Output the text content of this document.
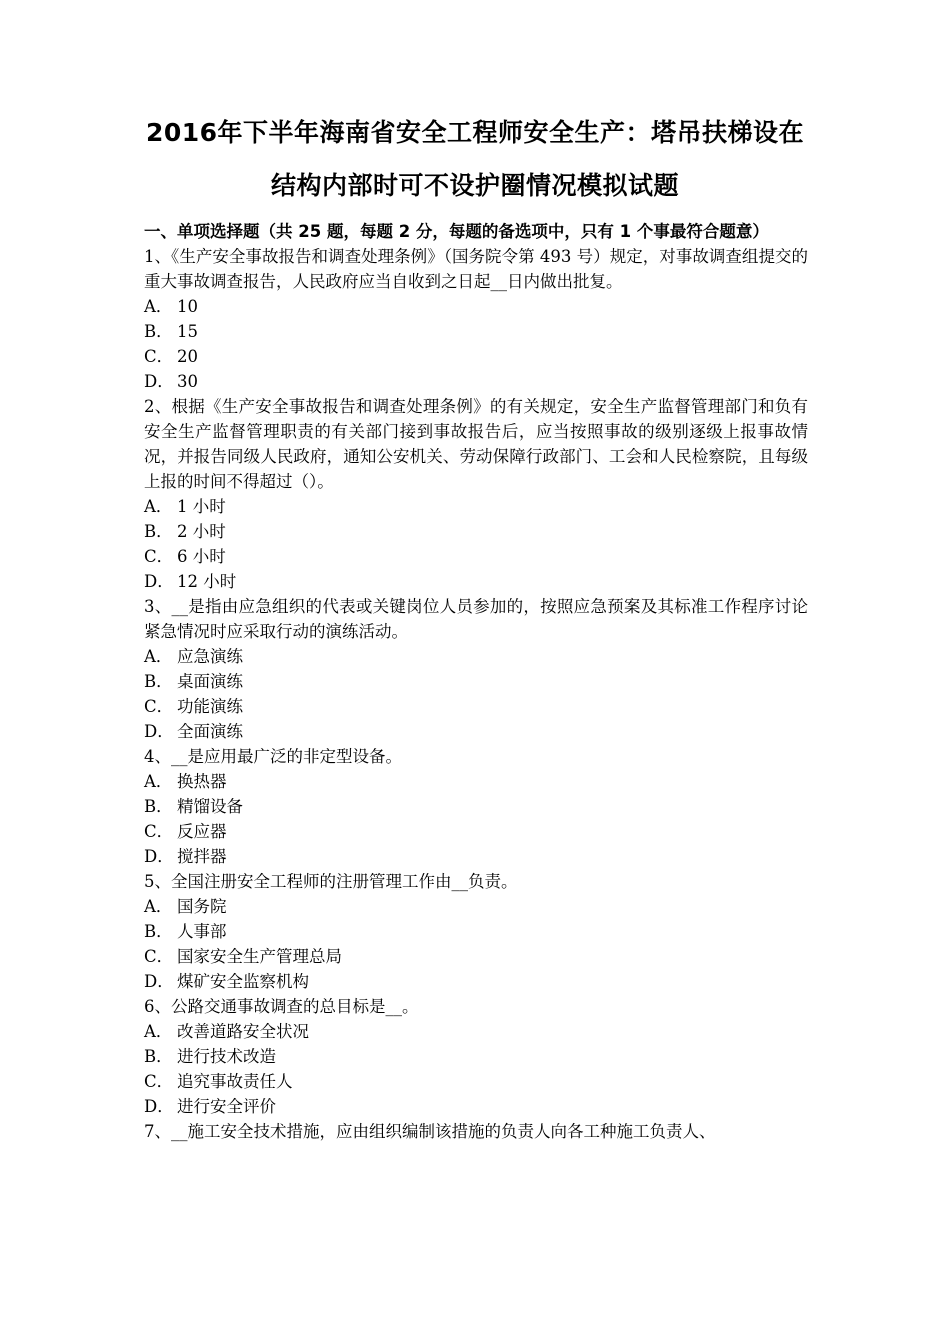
2016年下半年海南省安全工程师安全生产：塔吊扶梯设在
结构内部时可不设护圈情况模拟试题
一、单项选择题（共 25 题，每题 2 分，每题的备选项中，只有 1 个事最符合题意）
1、《生产安全事故报告和调查处理条例》（国务院令第 493 号）规定，对事故调查组提交的重大事故调查报告，人民政府应当自收到之日起__日内做出批复。
A． 10
B． 15
C． 20
D． 30
2、根据《生产安全事故报告和调查处理条例》的有关规定，安全生产监督管理部门和负有安全生产监督管理职责的有关部门接到事故报告后，应当按照事故的级别逐级上报事故情况，并报告同级人民政府，通知公安机关、劳动保障行政部门、工会和人民检察院，且每级上报的时间不得超过（）。
A． 1 小时
B． 2 小时
C． 6 小时
D． 12 小时
3、__是指由应急组织的代表或关键岗位人员参加的，按照应急预案及其标准工作程序讨论紧急情况时应采取行动的演练活动。
A． 应急演练
B． 桌面演练
C． 功能演练
D． 全面演练
4、__是应用最广泛的非定型设备。
A． 换热器
B． 精馏设备
C． 反应器
D． 搅拌器
5、全国注册安全工程师的注册管理工作由__负责。
A． 国务院
B． 人事部
C． 国家安全生产管理总局
D． 煤矿安全监察机构
6、公路交通事故调查的总目标是__。
A． 改善道路安全状况
B． 进行技术改造
C． 追究事故责任人
D． 进行安全评价
7、__施工安全技术措施，应由组织编制该措施的负责人向各工种施工负责人、
